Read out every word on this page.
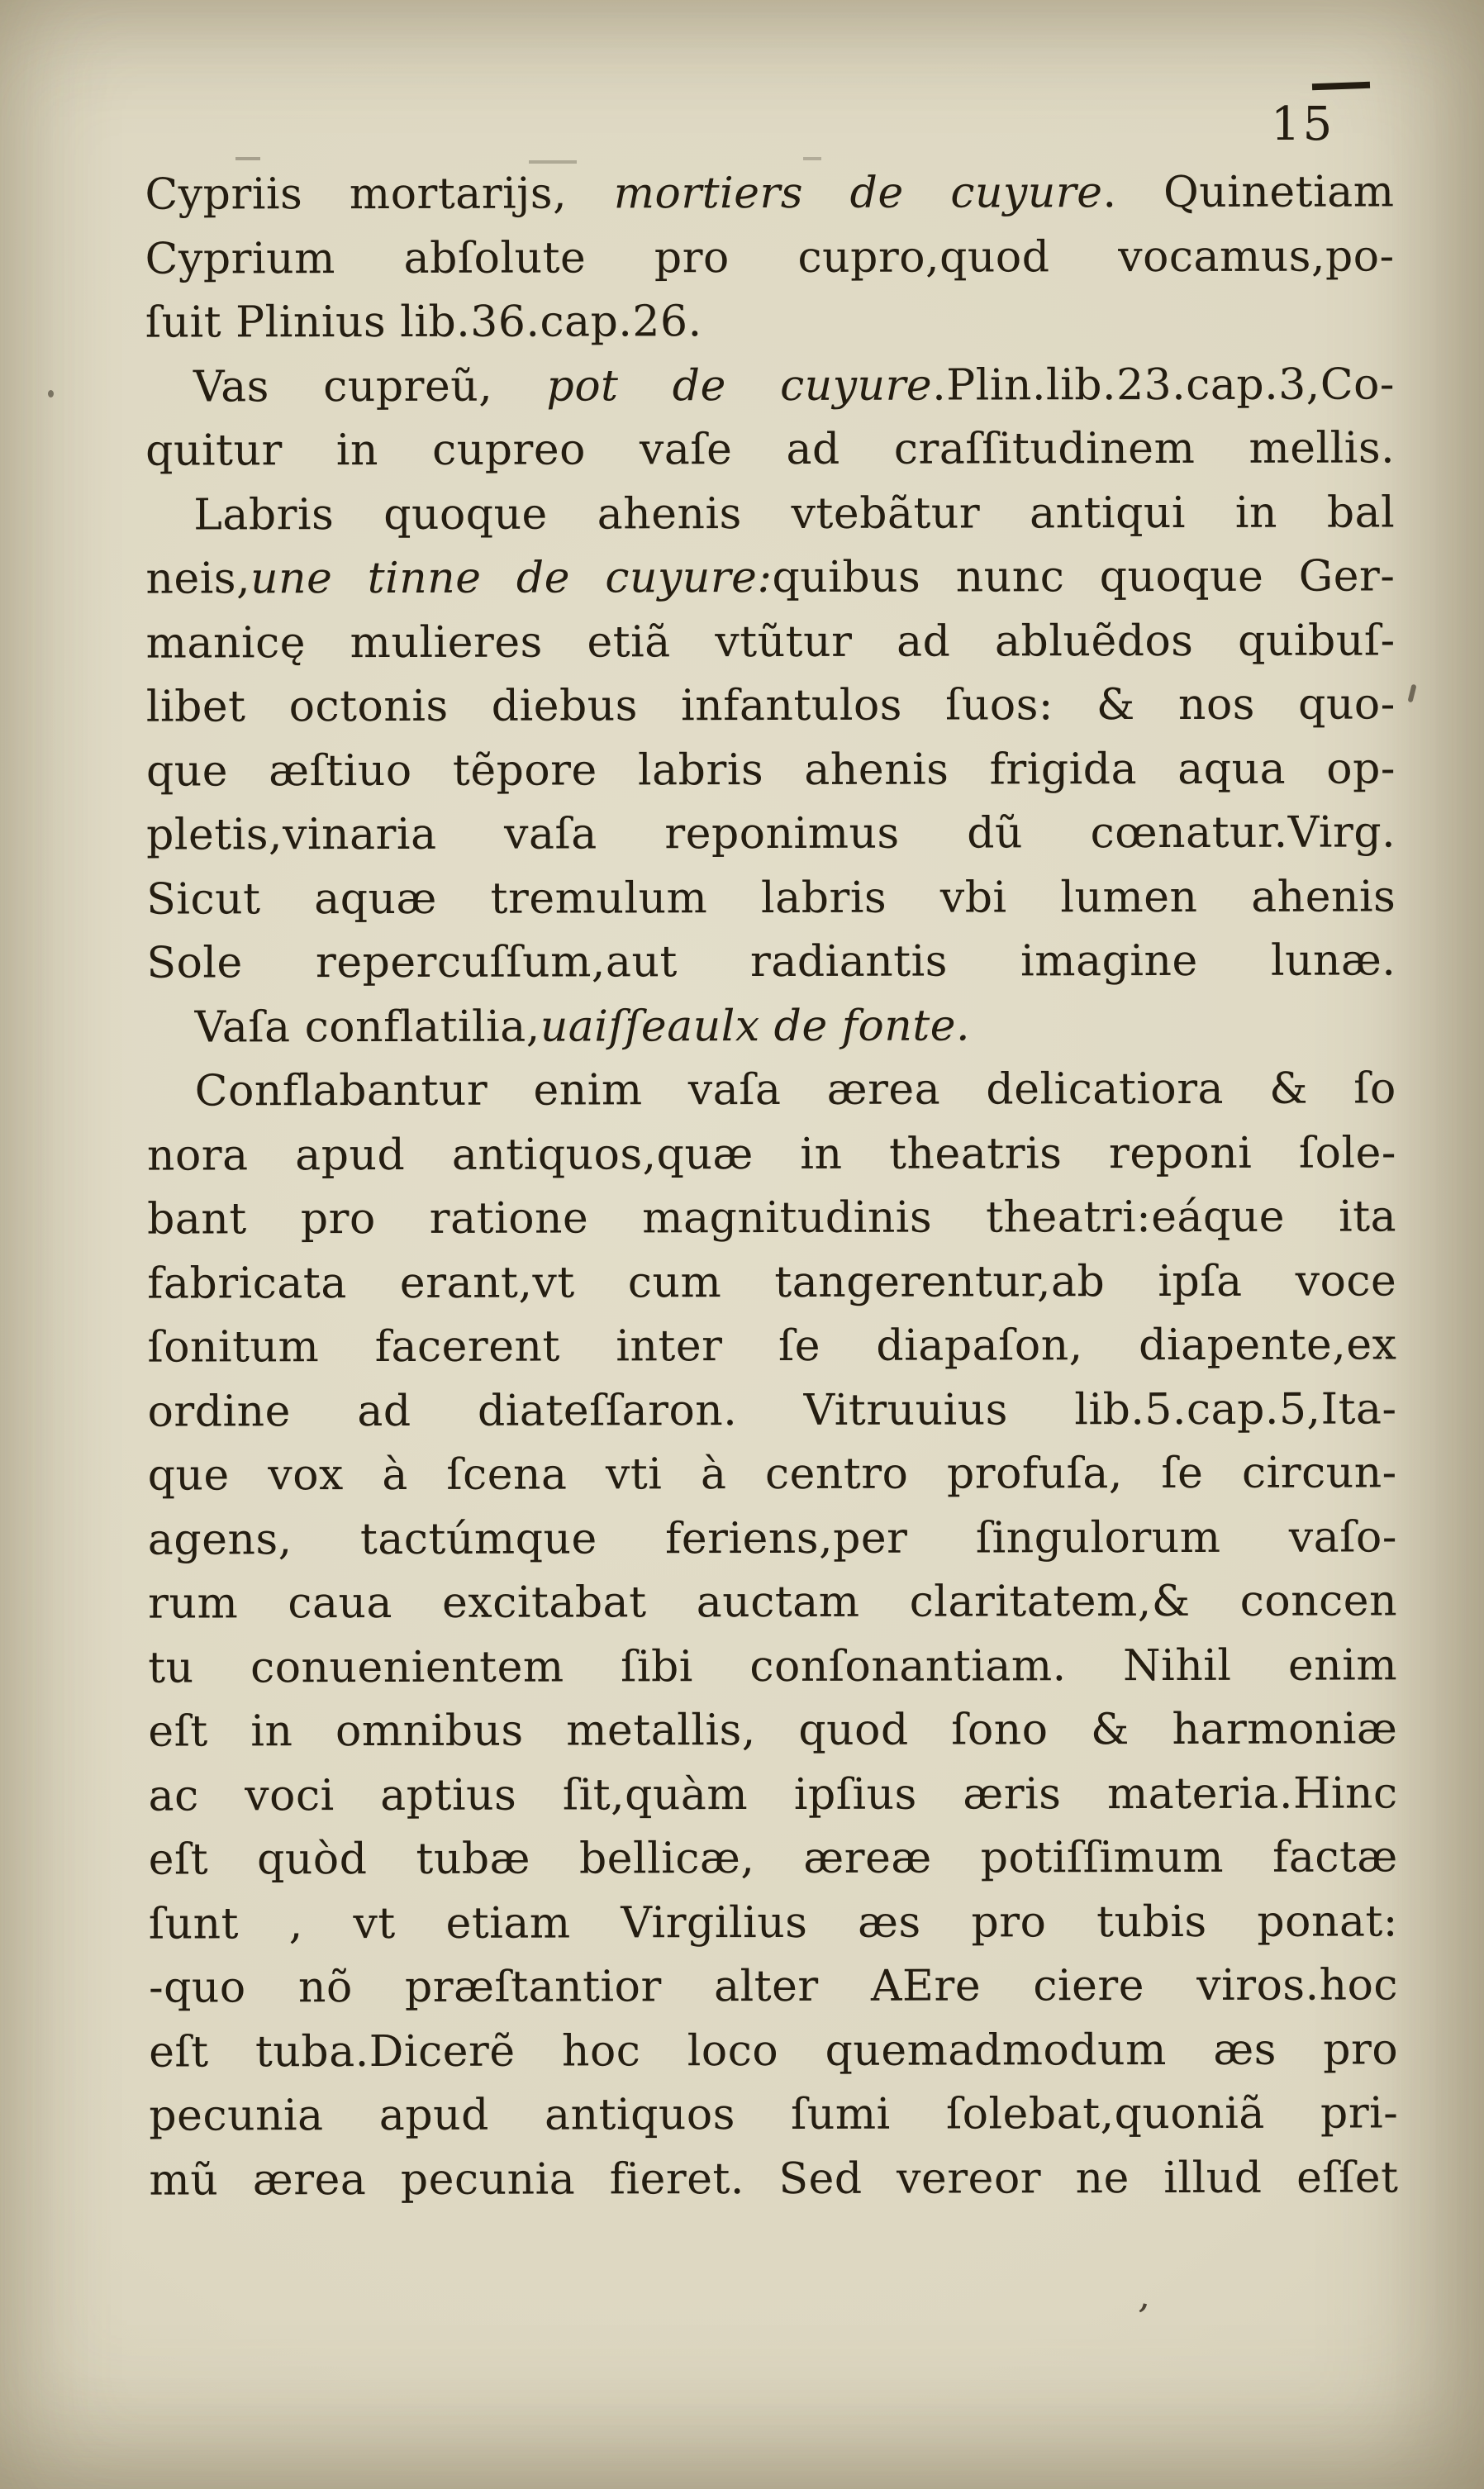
15
Cypriis mortarijs, mortiers de cuyure. Quinetiam
Cyprium abſolute pro cupro,quod vocamus,po-
ſuit Plinius lib.36.cap.26.
Vas cupreũ, pot de cuyure.Plin.lib.23.cap.3,Co-
quitur in cupreo vaſe ad craſſitudinem mellis.
Labris quoque ahenis vtebãtur antiqui in bal
neis,une tinne de cuyure:quibus nunc quoque Ger-
manicę mulieres etiã vtũtur ad abluẽdos quibuſ-
libet octonis diebus infantulos ſuos: & nos quo-
que æſtiuo tẽpore labris ahenis frigida aqua op-
pletis,vinaria vaſa reponimus dũ cœnatur.Virg.
Sicut aquæ tremulum labris vbi lumen ahenis
Sole repercuſſum,aut radiantis imagine lunæ.
Vaſa conflatilia,uaiſſeaulx de fonte.
Conflabantur enim vaſa ærea delicatiora & ſo
nora apud antiquos,quæ in theatris reponi ſole-
bant pro ratione magnitudinis theatri:eáque ita
fabricata erant,vt cum tangerentur,ab ipſa voce
ſonitum facerent inter ſe diapaſon, diapente,ex
ordine ad diateſſaron. Vitruuius lib.5.cap.5,Ita-
que vox à ſcena vti à centro profuſa, ſe circun-
agens, tactúmque feriens,per ſingulorum vaſo-
rum caua excitabat auctam claritatem,& concen
tu conuenientem ſibi conſonantiam. Nihil enim
eſt in omnibus metallis, quod ſono & harmoniæ
ac voci aptius ſit,quàm ipſius æris materia.Hinc
eſt quòd tubæ bellicæ, æreæ potiſſimum factæ
ſunt , vt etiam Virgilius æs pro tubis ponat:
-quo nõ præſtantior alter AEre ciere viros.hoc
eſt tuba.Dicerẽ hoc loco quemadmodum æs pro
pecunia apud antiquos ſumi ſolebat,quoniã pri-
mũ ærea pecunia fieret. Sed vereor ne illud eſſet
ʼ
